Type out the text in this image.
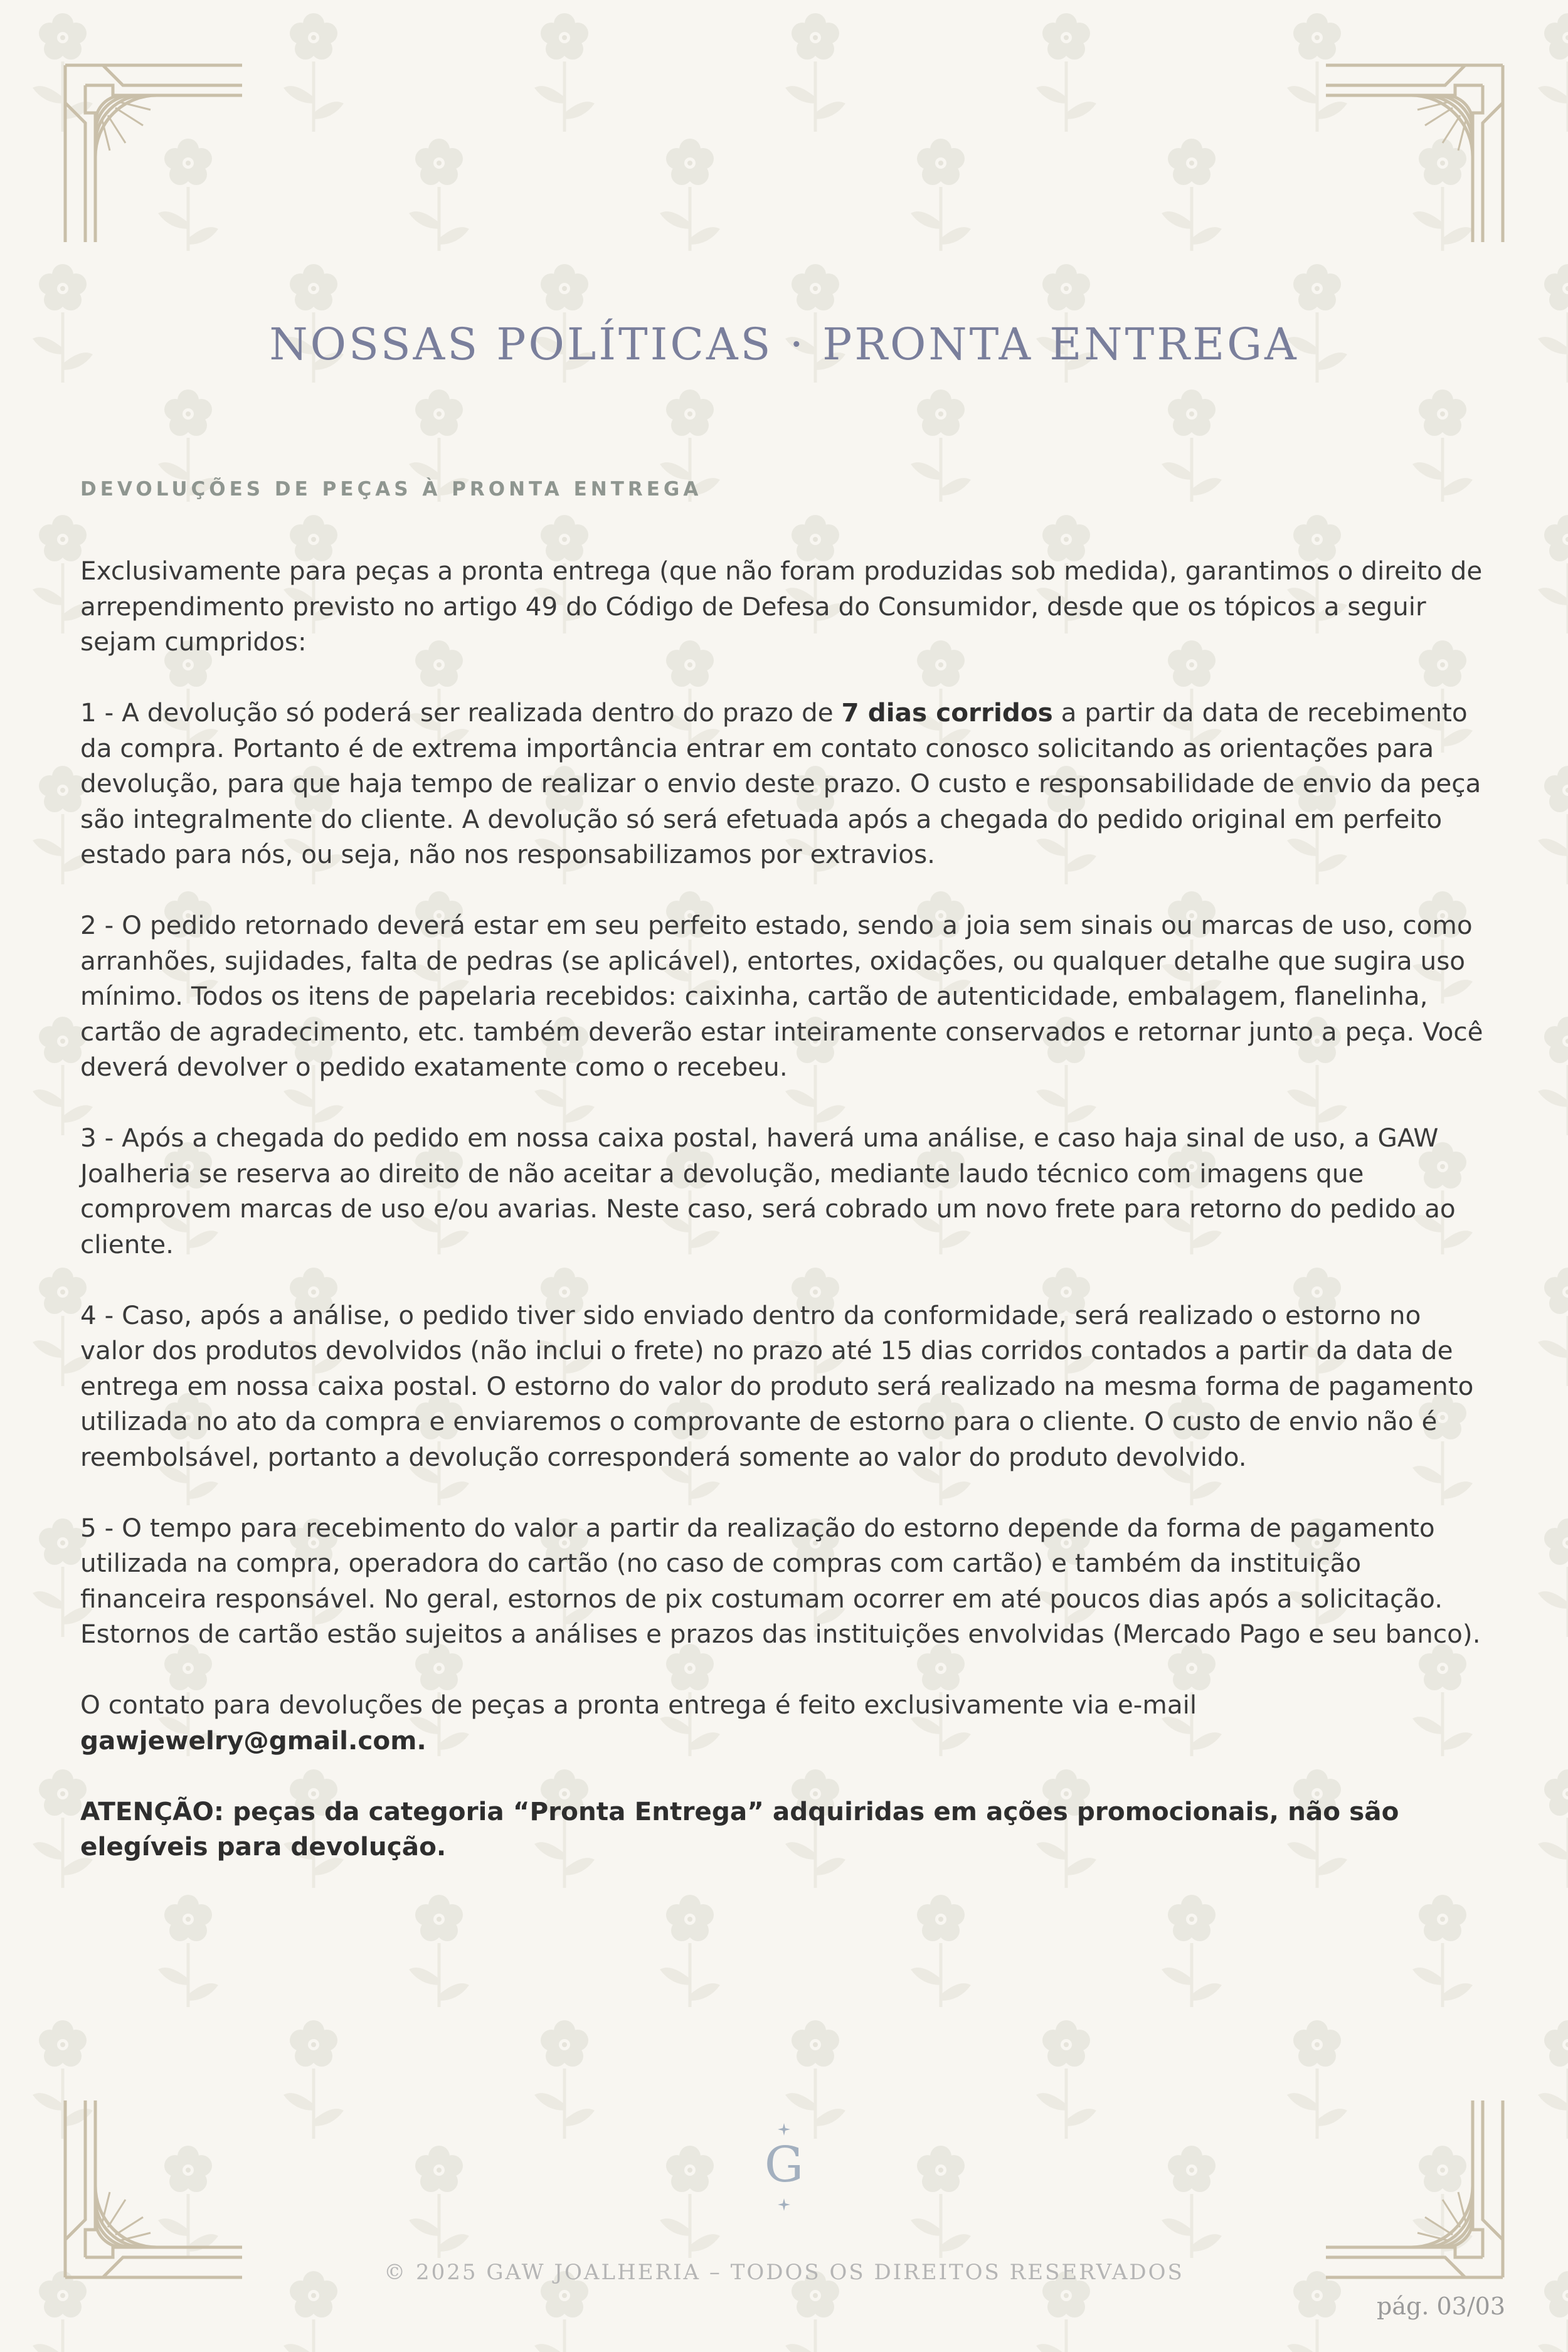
NOSSAS POLÍTICAS · PRONTA ENTREGA
DEVOLUÇÕES DE PEÇAS À PRONTA ENTREGA

Exclusivamente para peças a pronta entrega (que não foram produzidas sob medida), garantimos o direito de arrependimento previsto no artigo 49 do Código de Defesa do Consumidor, desde que os tópicos a seguir sejam cumpridos:

1 - A devolução só poderá ser realizada dentro do prazo de 7 dias corridos a partir da data de recebimento da compra. Portanto é de extrema importância entrar em contato conosco solicitando as orientações para devolução, para que haja tempo de realizar o envio deste prazo. O custo e responsabilidade de envio da peça são integralmente do cliente. A devolução só será efetuada após a chegada do pedido original em perfeito estado para nós, ou seja, não nos responsabilizamos por extravios.

2 - O pedido retornado deverá estar em seu perfeito estado, sendo a joia sem sinais ou marcas de uso, como arranhões, sujidades, falta de pedras (se aplicável), entortes, oxidações, ou qualquer detalhe que sugira uso mínimo. Todos os itens de papelaria recebidos: caixinha, cartão de autenticidade, embalagem, flanelinha, cartão de agradecimento, etc. também deverão estar inteiramente conservados e retornar junto a peça. Você deverá devolver o pedido exatamente como o recebeu.

3 - Após a chegada do pedido em nossa caixa postal, haverá uma análise, e caso haja sinal de uso, a GAW Joalheria se reserva ao direito de não aceitar a devolução, mediante laudo técnico com imagens que comprovem marcas de uso e/ou avarias. Neste caso, será cobrado um novo frete para retorno do pedido ao cliente.

4 - Caso, após a análise, o pedido tiver sido enviado dentro da conformidade, será realizado o estorno no valor dos produtos devolvidos (não inclui o frete) no prazo até 15 dias corridos contados a partir da data de entrega em nossa caixa postal. O estorno do valor do produto será realizado na mesma forma de pagamento utilizada no ato da compra e enviaremos o comprovante de estorno para o cliente. O custo de envio não é reembolsável, portanto a devolução corresponderá somente ao valor do produto devolvido.

5 - O tempo para recebimento do valor a partir da realização do estorno depende da forma de pagamento utilizada na compra, operadora do cartão (no caso de compras com cartão) e também da instituição financeira responsável. No geral, estornos de pix costumam ocorrer em até poucos dias após a solicitação. Estornos de cartão estão sujeitos a análises e prazos das instituições envolvidas (Mercado Pago e seu banco).

O contato para devoluções de peças a pronta entrega é feito exclusivamente via e-mail
gawjewelry@gmail.com.

ATENÇÃO: peças da categoria “Pronta Entrega” adquiridas em ações promocionais, não são elegíveis para devolução.

G
© 2025 GAW JOALHERIA – TODOS OS DIREITOS RESERVADOS
pág. 03/03
